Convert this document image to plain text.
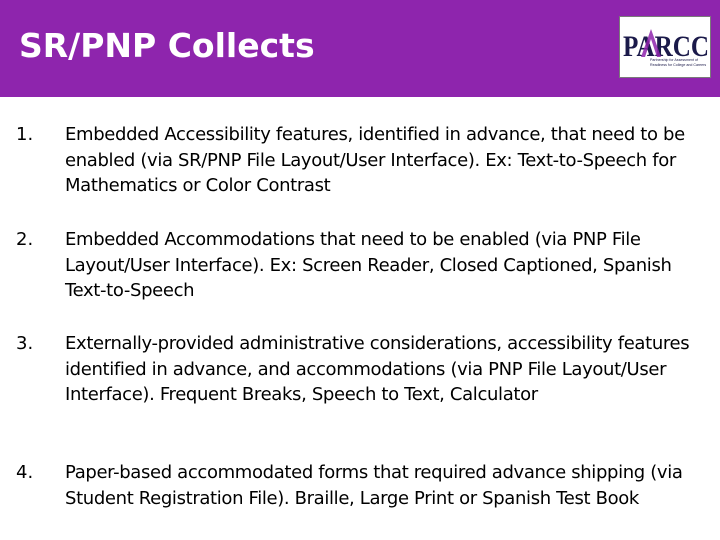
SR/PNP Collects	PARCC
Partnership for Assessment of
Readiness for College and Careers
1. Embedded Accessibility features, identified in advance, that need to be enabled (via SR/PNP File Layout/User Interface). Ex: Text-to-Speech for Mathematics or Color Contrast
2. Embedded Accommodations that need to be enabled (via PNP File Layout/User Interface). Ex: Screen Reader, Closed Captioned, Spanish Text-to-Speech
3. Externally-provided administrative considerations, accessibility features identified in advance, and accommodations (via PNP File Layout/User Interface). Frequent Breaks, Speech to Text, Calculator
4. Paper-based accommodated forms that required advance shipping (via Student Registration File). Braille, Large Print or Spanish Test Book
